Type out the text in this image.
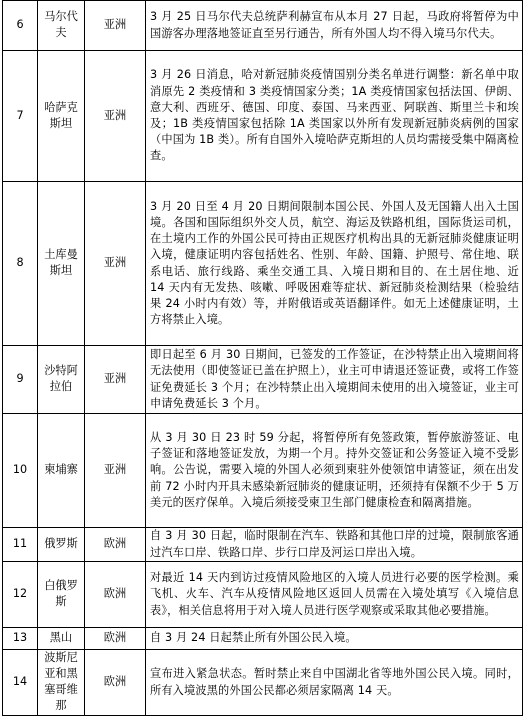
6	马尔代夫	亚洲	3 月 25 日马尔代夫总统萨利赫宣布从本月 27 日起，马政府将暂停为中国游客办理落地签证直至另行通告，所有外国人均不得入境马尔代夫。
7	哈萨克斯坦	亚洲	3 月 26 日消息，哈对新冠肺炎疫情国别分类名单进行调整：新名单中取消原先 2 类疫情和 3 类疫情国家分类；1A 类疫情国家包括法国、伊朗、意大利、西班牙、德国、印度、泰国、马来西亚、阿联酋、斯里兰卡和埃及；1B 类疫情国家包括除 1A 类国家以外所有发现新冠肺炎病例的国家（中国为 1B 类）。所有自国外入境哈萨克斯坦的人员均需接受集中隔离检查。
8	土库曼斯坦	亚洲	3 月 20 日至 4 月 20 日期间限制本国公民、外国人及无国籍人出入土国境。各国和国际组织外交人员，航空、海运及铁路机组，国际货运司机，在土境内工作的外国公民可持由正规医疗机构出具的无新冠肺炎健康证明入境，健康证明内容包括姓名、性别、年龄、国籍、护照号、常住地、联系电话、旅行线路、乘坐交通工具、入境日期和目的、在土居住地、近 14 天内有无发热、咳嗽、呼吸困难等症状、新冠肺炎检测结果（检验结果 24 小时内有效）等，并附俄语或英语翻译件。如无上述健康证明，土方将禁止入境。
9	沙特阿拉伯	亚洲	即日起至 6 月 30 日期间，已签发的工作签证，在沙特禁止出入境期间将无法使用（即使签证已盖在护照上），业主可申请退还签证费，或将工作签证免费延长 3 个月；在沙特禁止出入境期间未使用的出入境签证，业主可申请免费延长 3 个月。
10	柬埔寨	亚洲	从 3 月 30 日 23 时 59 分起，将暂停所有免签政策，暂停旅游签证、电子签证和落地签证发放，为期一个月。持外交签证和公务签证入境不受影响。公告说，需要入境的外国人必须到柬驻外使领馆申请签证，须在出发前 72 小时内开具未感染新冠肺炎的健康证明，还须持有保额不少于 5 万美元的医疗保单。入境后须接受柬卫生部门健康检查和隔离措施。
11	俄罗斯	欧洲	自 3 月 30 日起，临时限制在汽车、铁路和其他口岸的过境，限制旅客通过汽车口岸、铁路口岸、步行口岸及河运口岸出入境。
12	白俄罗斯	欧洲	对最近 14 天内到访过疫情风险地区的入境人员进行必要的医学检测。乘飞机、火车、汽车从疫情风险地区返回人员需在入境处填写《入境信息表》，相关信息将用于对入境人员进行医学观察或采取其他必要措施。
13	黑山	欧洲	自 3 月 24 日起禁止所有外国公民入境。
14	波斯尼亚和黑塞哥维那	欧洲	宣布进入紧急状态。暂时禁止来自中国湖北省等地外国公民入境。同时，所有入境波黑的外国公民都必须居家隔离 14 天。
